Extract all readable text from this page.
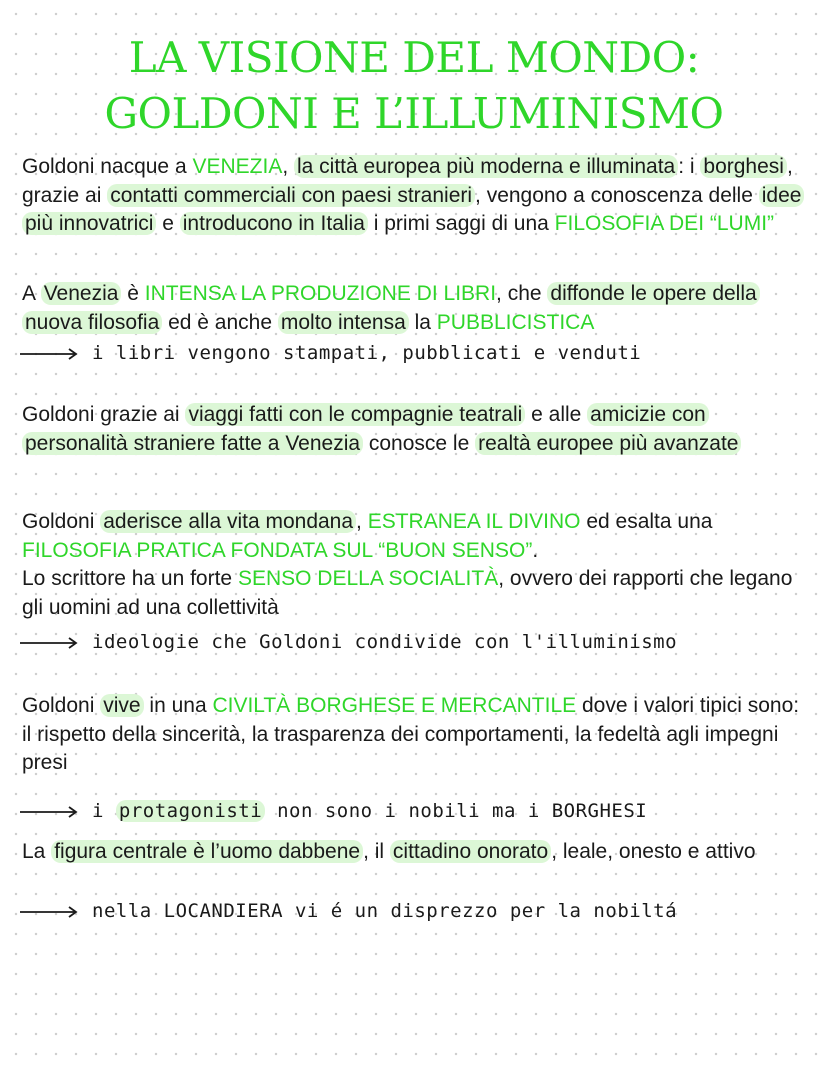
LA VISIONE DEL MONDO:
GOLDONI E L’ILLUMINISMO

Goldoni nacque a VENEZIA, la città europea più moderna e illuminata : i borghesi , grazie ai contatti commerciali con paesi stranieri , vengono a conoscenza delle idee più innovatrici e introducono in Italia i primi saggi di una FILOSOFIA DEI “LUMI”

A Venezia è INTENSA LA PRODUZIONE DI LIBRI, che diffonde le opere della nuova filosofia ed è anche molto intensa la PUBBLICISTICA

i libri vengono stampati, pubblicati e venduti

Goldoni grazie ai viaggi fatti con le compagnie teatrali e alle amicizie con personalità straniere fatte a Venezia conosce le realtà europee più avanzate

Goldoni aderisce alla vita mondana , ESTRANEA IL DIVINO ed esalta una
FILOSOFIA PRATICA FONDATA SUL “BUON SENSO”.
Lo scrittore ha un forte SENSO DELLA SOCIALITÀ, ovvero dei rapporti che legano gli uomini ad una collettività

ideologie che Goldoni condivide con l'illuminismo

Goldoni vive in una CIVILTÀ BORGHESE E MERCANTILE dove i valori tipici sono: il rispetto della sincerità, la trasparenza dei comportamenti, la fedeltà agli impegni presi

i protagonisti non sono i nobili ma i BORGHESI

La figura centrale è l’uomo dabbene , il cittadino onorato , leale, onesto e attivo

nella LOCANDIERA vi é un disprezzo per la nobiltá
